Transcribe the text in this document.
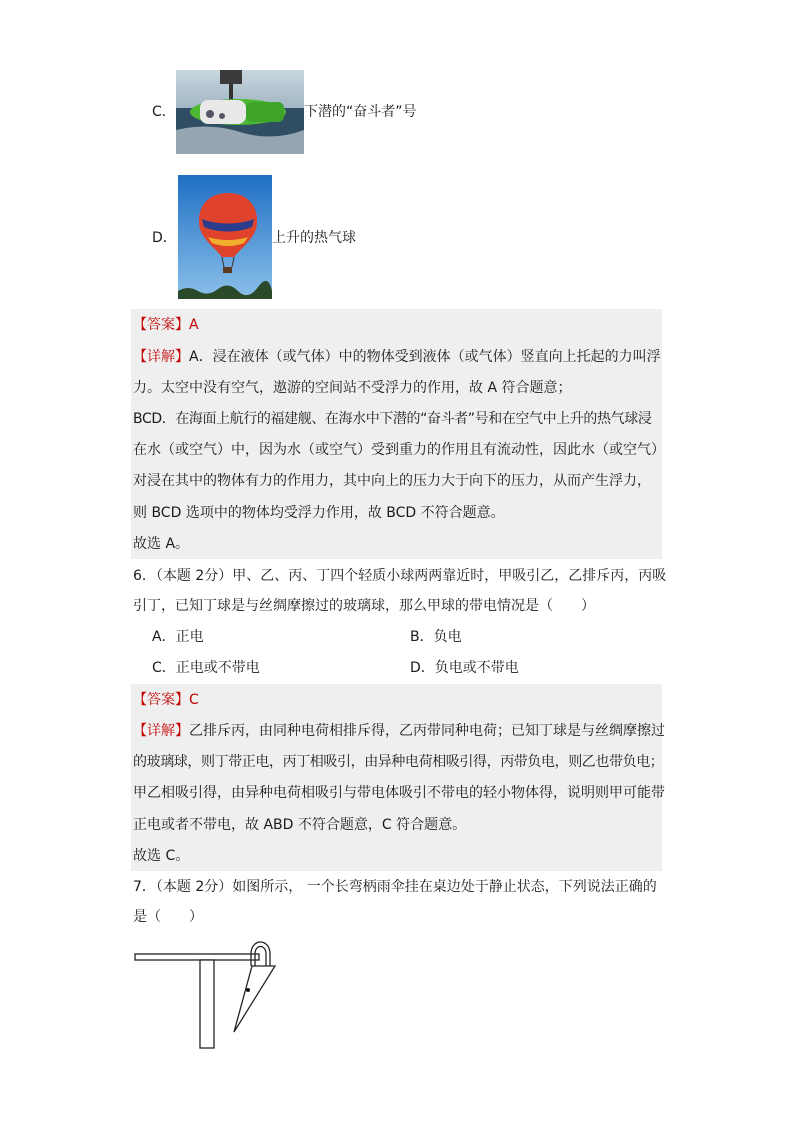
C．	下潜的“奋斗者”号
D．	上升的热气球
【答案】A
【详解】A．浸在液体（或气体）中的物体受到液体（或气体）竖直向上托起的力叫浮
力。太空中没有空气，遨游的空间站不受浮力的作用，故 A 符合题意；
BCD．在海面上航行的福建舰、在海水中下潜的“奋斗者”号和在空气中上升的热气球浸
在水（或空气）中，因为水（或空气）受到重力的作用且有流动性，因此水（或空气）
对浸在其中的物体有力的作用力，其中向上的压力大于向下的压力，从而产生浮力，
则 BCD 选项中的物体均受浮力作用，故 BCD 不符合题意。
故选 A。
6．（本题 2分）甲、乙、丙、丁四个轻质小球两两靠近时，甲吸引乙，乙排斥丙，丙吸
引丁，已知丁球是与丝绸摩擦过的玻璃球，那么甲球的带电情况是（　　）
A．正电	B．负电
C．正电或不带电	D．负电或不带电
【答案】C
【详解】乙排斥丙，由同种电荷相排斥得，乙丙带同种电荷；已知丁球是与丝绸摩擦过
的玻璃球，则丁带正电，丙丁相吸引，由异种电荷相吸引得，丙带负电，则乙也带负电；
甲乙相吸引得，由异种电荷相吸引与带电体吸引不带电的轻小物体得，说明则甲可能带
正电或者不带电，故 ABD 不符合题意，C 符合题意。
故选 C。
7．（本题 2分）如图所示， 一个长弯柄雨伞挂在桌边处于静止状态，下列说法正确的
是（　　）
